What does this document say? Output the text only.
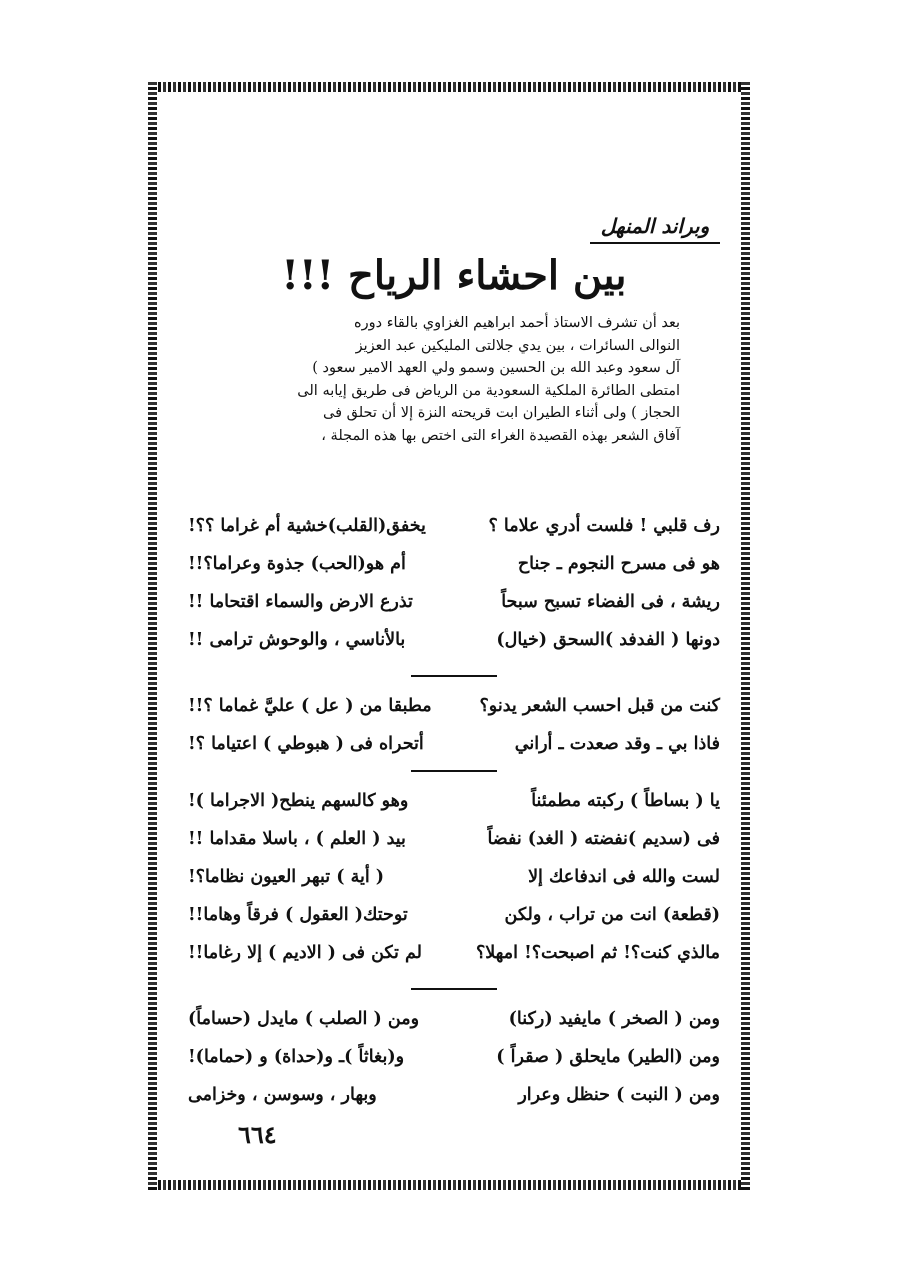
وبراند المنهل
بين احشاء الرياح !!!

بعد أن تشرف الاستاذ أحمد ابراهيم الغزاوي بالقاء دوره

النوالى السائرات ، بين يدي جلالتى المليكين عبد العزيز

آل سعود وعبد الله بن الحسين وسمو ولي العهد الامير سعود )

امتطى الطائرة الملكية السعودية من الرياض فى طريق إيابه الى

الحجاز ) ولى أثناء الطيران ابت قريحته النزة إلا أن تحلق فى

آفاق الشعر بهذه القصيدة الغراء التى اختص بها هذه المجلة ،

رف قلبي ! فلست أدري علاما ؟
يخفق(القلب)خشية أم غراما ؟؟!
هو فى مسرح النجوم ـ جناح
أم هو(الحب) جذوة وعراما؟!!
ريشة ، فى الفضاء تسبح سبحاً
تذرع الارض والسماء اقتحاما !!
دونها ( الفدفد )السحق (خيال)
بالأناسي ، والوحوش ترامى !!
كنت من قبل احسب الشعر يدنو؟
مطبقا من ( عل ) عليَّ غماما ؟!!
فاذا بي ـ وقد صعدت ـ أراني
أتحراه فى ( هبوطي ) اعتياما ؟!
يا ( بساطاً ) ركبته مطمئناً
وهو كالسهم ينطح( الاجراما )!
فى (سديم )نفضته ( الغد) نفضاً
بيد ( العلم ) ، باسلا مقداما !!
لست والله فى اندفاعك إلا
( أية ) تبهر العيون نظاما؟!
(قطعة) انت من تراب ، ولكن
توحتك( العقول ) فرقاً وهاما!!
مالذي كنت؟! ثم اصبحت؟! امهلا؟
لم تكن فى ( الاديم ) إلا رغاما!!
ومن ( الصخر ) مايفيد (ركنا)
ومن ( الصلب ) مايدل (حساماً)
ومن (الطير) مايحلق ( صقراً )
و(بغاثاً )ـ و(حداة) و (حماما)!
ومن ( النبت ) حنظل وعرار
وبهار ، وسوسن ، وخزامى
٦٦٤
